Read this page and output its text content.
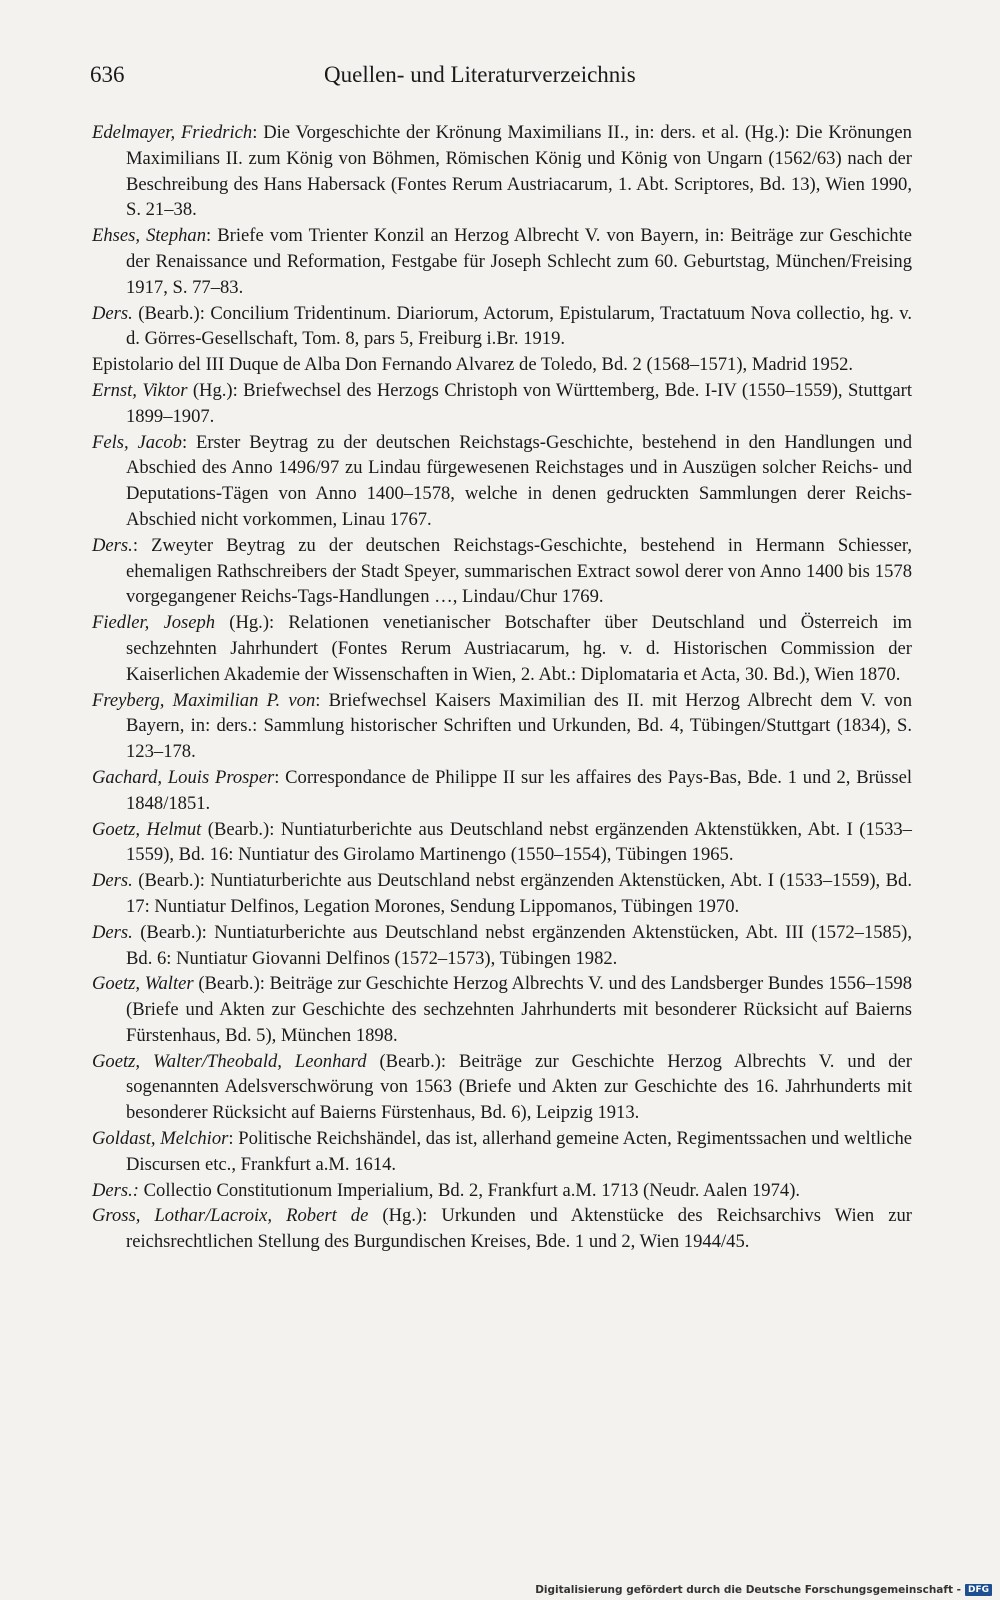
636	Quellen- und Literaturverzeichnis

Edelmayer, Friedrich: Die Vorgeschichte der Krönung Maximilians II., in: ders. et al. (Hg.): Die Krönungen Maximilians II. zum König von Böhmen, Römischen König und König von Ungarn (1562/63) nach der Beschreibung des Hans Habersack (Fontes Rerum Austriacarum, 1. Abt. Scriptores, Bd. 13), Wien 1990, S. 21–38.

Ehses, Stephan: Briefe vom Trienter Konzil an Herzog Albrecht V. von Bayern, in: Beiträge zur Geschichte der Renaissance und Reformation, Festgabe für Joseph Schlecht zum 60. Geburtstag, München/Freising 1917, S. 77–83.

Ders. (Bearb.): Concilium Tridentinum. Diariorum, Actorum, Epistularum, Tractatuum Nova collectio, hg. v. d. Görres-Gesellschaft, Tom. 8, pars 5, Freiburg i.Br. 1919.

Epistolario del III Duque de Alba Don Fernando Alvarez de Toledo, Bd. 2 (1568–1571), Madrid 1952.

Ernst, Viktor (Hg.): Briefwechsel des Herzogs Christoph von Württemberg, Bde. I-IV (1550–1559), Stuttgart 1899–1907.

Fels, Jacob: Erster Beytrag zu der deutschen Reichstags-Geschichte, bestehend in den Handlungen und Abschied des Anno 1496/97 zu Lindau fürgewesenen Reichstages und in Auszügen solcher Reichs- und Deputations-Tägen von Anno 1400–1578, welche in denen gedruckten Sammlungen derer Reichs-Abschied nicht vorkommen, Linau 1767.

Ders.: Zweyter Beytrag zu der deutschen Reichstags-Geschichte, bestehend in Hermann Schiesser, ehemaligen Rathschreibers der Stadt Speyer, summarischen Extract sowol derer von Anno 1400 bis 1578 vorgegangener Reichs-Tags-Handlungen …, Lindau/Chur 1769.

Fiedler, Joseph (Hg.): Relationen venetianischer Botschafter über Deutschland und Österreich im sechzehnten Jahrhundert (Fontes Rerum Austriacarum, hg. v. d. Historischen Commission der Kaiserlichen Akademie der Wissenschaften in Wien, 2. Abt.: Diplomataria et Acta, 30. Bd.), Wien 1870.

Freyberg, Maximilian P. von: Briefwechsel Kaisers Maximilian des II. mit Herzog Albrecht dem V. von Bayern, in: ders.: Sammlung historischer Schriften und Urkunden, Bd. 4, Tübingen/Stuttgart (1834), S. 123–178.

Gachard, Louis Prosper: Correspondance de Philippe II sur les affaires des Pays-Bas, Bde. 1 und 2, Brüssel 1848/1851.

Goetz, Helmut (Bearb.): Nuntiaturberichte aus Deutschland nebst ergänzenden Aktenstükken, Abt. I (1533–1559), Bd. 16: Nuntiatur des Girolamo Martinengo (1550–1554), Tübingen 1965.

Ders. (Bearb.): Nuntiaturberichte aus Deutschland nebst ergänzenden Aktenstücken, Abt. I (1533–1559), Bd. 17: Nuntiatur Delfinos, Legation Morones, Sendung Lippomanos, Tübingen 1970.

Ders. (Bearb.): Nuntiaturberichte aus Deutschland nebst ergänzenden Aktenstücken, Abt. III (1572–1585), Bd. 6: Nuntiatur Giovanni Delfinos (1572–1573), Tübingen 1982.

Goetz, Walter (Bearb.): Beiträge zur Geschichte Herzog Albrechts V. und des Landsberger Bundes 1556–1598 (Briefe und Akten zur Geschichte des sechzehnten Jahrhunderts mit besonderer Rücksicht auf Baierns Fürstenhaus, Bd. 5), München 1898.

Goetz, Walter/Theobald, Leonhard (Bearb.): Beiträge zur Geschichte Herzog Albrechts V. und der sogenannten Adelsverschwörung von 1563 (Briefe und Akten zur Geschichte des 16. Jahrhunderts mit besonderer Rücksicht auf Baierns Fürstenhaus, Bd. 6), Leipzig 1913.

Goldast, Melchior: Politische Reichshändel, das ist, allerhand gemeine Acten, Regimentssachen und weltliche Discursen etc., Frankfurt a.M. 1614.

Ders.: Collectio Constitutionum Imperialium, Bd. 2, Frankfurt a.M. 1713 (Neudr. Aalen 1974).

Gross, Lothar/Lacroix, Robert de (Hg.): Urkunden und Aktenstücke des Reichsarchivs Wien zur reichsrechtlichen Stellung des Burgundischen Kreises, Bde. 1 und 2, Wien 1944/45.

Digitalisierung gefördert durch die Deutsche Forschungsgemeinschaft - DFG
